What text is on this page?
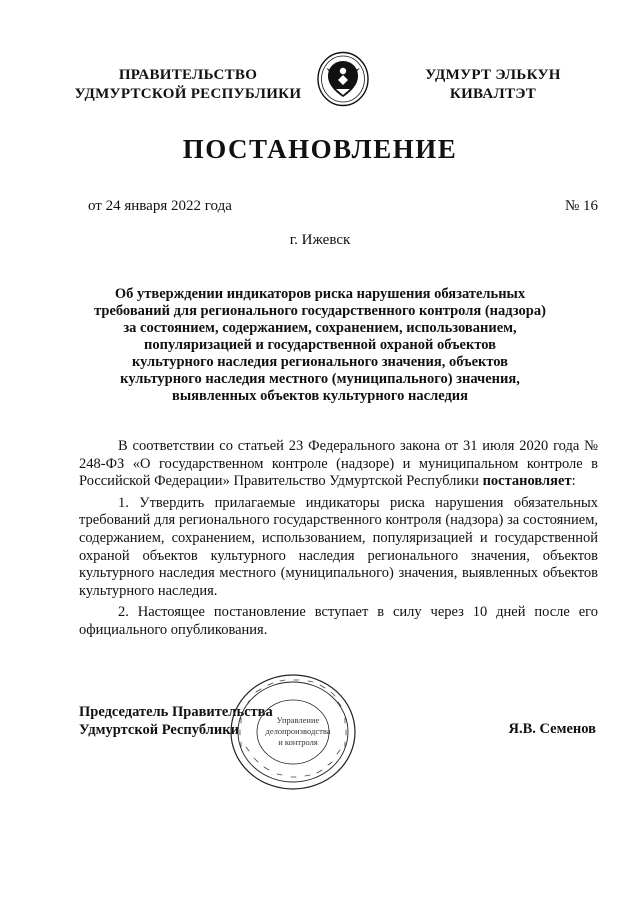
ПРАВИТЕЛЬСТВО
УДМУРТСКОЙ РЕСПУБЛИКИ
УДМУРТ ЭЛЬКУН
КИВАЛТЭТ
ПОСТАНОВЛЕНИЕ
от 24 января 2022 года	№ 16
г. Ижевск
Об утверждении индикаторов риска нарушения обязательных
требований для регионального государственного контроля (надзора)
за состоянием, содержанием, сохранением, использованием,
популяризацией и государственной охраной объектов
культурного наследия регионального значения, объектов
культурного наследия местного (муниципального) значения,
выявленных объектов культурного наследия

В соответствии со статьей 23 Федерального закона от 31 июля 2020 года № 248-ФЗ «О государственном контроле (надзоре) и муниципальном контроле в Российской Федерации» Правительство Удмуртской Республики постановляет:

1. Утвердить прилагаемые индикаторы риска нарушения обязательных требований для регионального государственного контроля (надзора) за состоянием, содержанием, сохранением, использованием, популяризацией и государственной охраной объектов культурного наследия регионального значения, объектов культурного наследия местного (муниципального) значения, выявленных объектов культурного наследия.

2. Настоящее постановление вступает в силу через 10 дней после его официального опубликования.

Председатель Правительства
Удмуртской Республики
Управление
делопроизводства
и контроля
Я.В. Семенов
